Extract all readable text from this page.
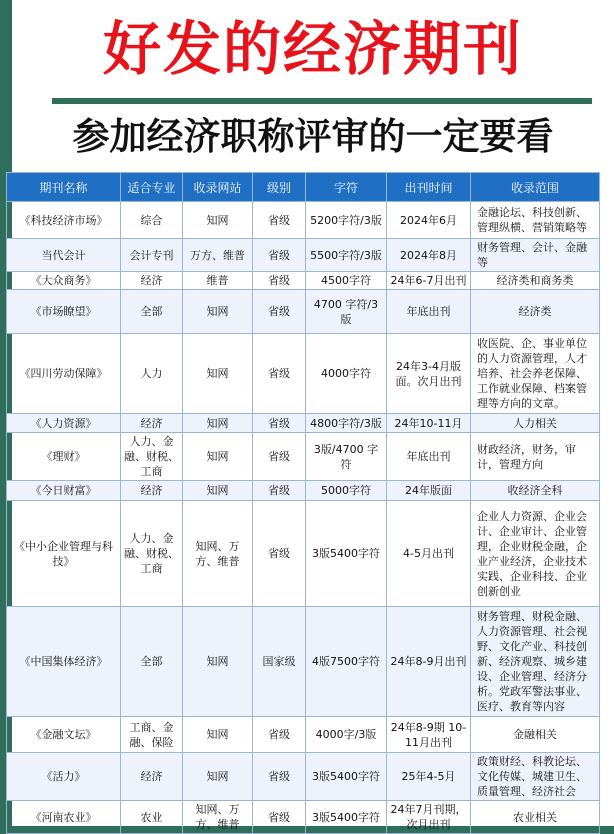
好发的经济期刊
参加经济职称评审的一定要看
期刊名称	适合专业	收录网站	级别	字符	出刊时间	收录范围
《科技经济市场》	综合	知网	省级	5200字符/3版	2024年6月	金融论坛、科技创新、管理纵横、营销策略等
当代会计	会计专刊	万方、维普	省级	5500字符/3版	2024年8月	财务管理、会计、金融等
《大众商务》	经济	维普	省级	4500字符	24年6-7月出刊	经济类和商务类
《市场瞭望》	全部	知网	省级	4700 字符/3版	年底出刊	经济类
《四川劳动保障》	人力	知网	省级	4000字符	24年3-4月版面。次月出刊	收医院、企、事业单位的人力资源管理，人才培养、社会养老保障、工作就业保障、档案管理等方向的文章。
《人力资源》	经济	知网	省级	4800字符/3版	24年10-11月	人力相关
《理财》	人力、金融、财税、工商	知网	省级	3版/4700 字符	年底出刊	财政经济，财务，审计，管理方向
《今日财富》	经济	知网	省级	5000字符	24年版面	收经济全科
《中小企业管理与科技》	人力、金融、财税、工商	知网、万方、维普	省级	3版5400字符	4-5月出刊	企业人力资源、企业会计、企业审计、企业管理，企业财税金融，企业产业经济，企业技术实践、企业科技、企业创新创业
《中国集体经济》	全部	知网	国家级	4版7500字符	24年8-9月出刊	财务管理、财税金融、人力资源管理、社会视野、文化产业、科技创新、经济观察、城乡建设、企业管理、经济分析。党政军警法事业、医疗、教育等内容
《金融文坛》	工商、金融、保险	知网	省级	4000字/3版	24年8-9期 10-11月出刊	金融相关
《活力》	经济	知网	省级	3版5400字符	25年4-5月	政策财经、科教论坛、文化传媒、城建卫生、质量管理、经济社会
《河南农业》	农业	知网、万方、维普	省级	3版5400字符	24年7月刊期，次月出刊	农业相关
